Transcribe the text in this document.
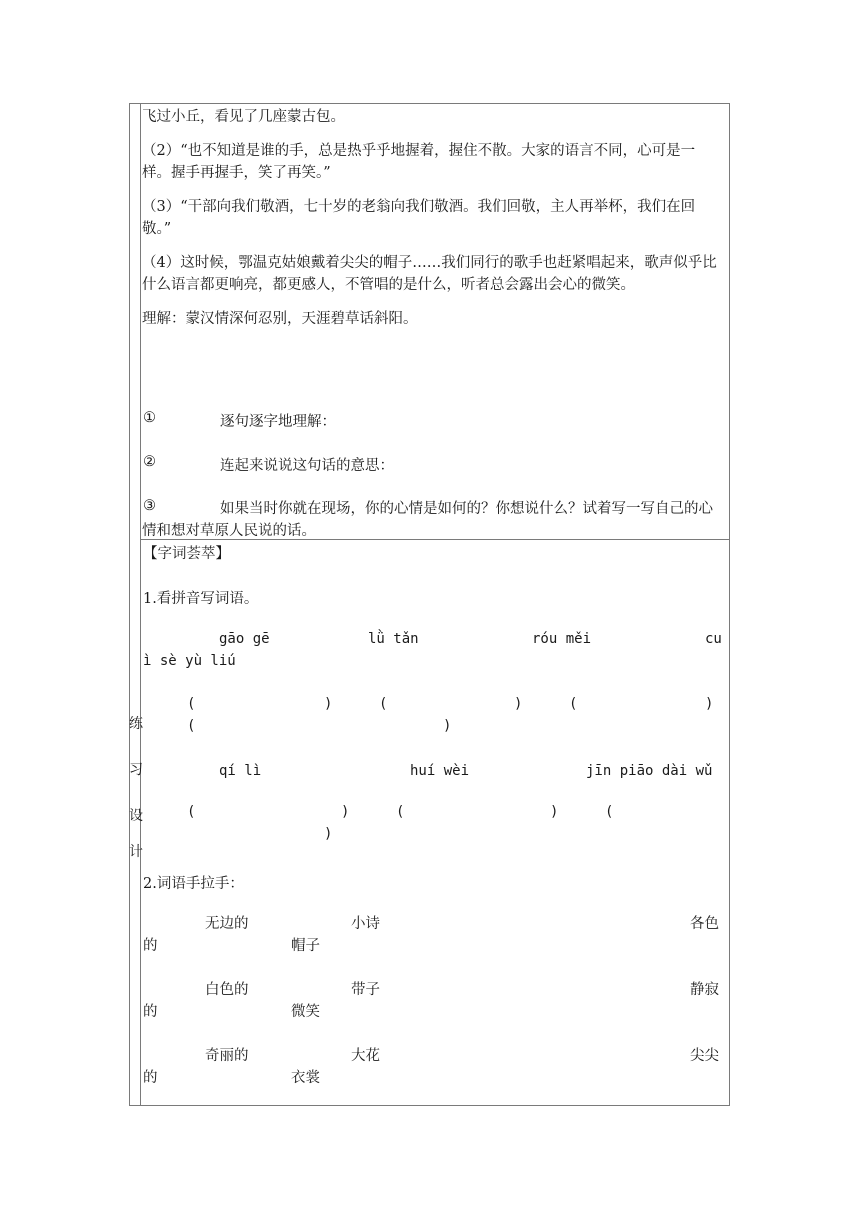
练
习
设
计

飞过小丘，看见了几座蒙古包。

（2）“也不知道是谁的手，总是热乎乎地握着，握住不散。大家的语言不同，心可是一样。握手再握手，笑了再笑。”

（3）“干部向我们敬酒，七十岁的老翁向我们敬酒。我们回敬，主人再举杯，我们在回敬。”

（4）这时候，鄂温克姑娘戴着尖尖的帽子……我们同行的歌手也赶紧唱起来，歌声似乎比什么语言都更响亮，都更感人，不管唱的是什么，听者总会露出会心的微笑。

理解：蒙汉情深何忍别，天涯碧草话斜阳。

①	逐句逐字地理解：
②	连起来说说这句话的意思：
③	如果当时你就在现场，你的心情是如何的？你想说什么？试着写一写自己的心情和想对草原人民说的话。
【字词荟萃】
1.看拼音写词语。
gāo gē	lǜ tǎn	róu měi	cu
ì sè yù liú
(	)	(	)	(	)
(	)
qí lì	huí wèi	jīn piāo dài wǔ
(	)	(	)	(
)
2.词语手拉手：
无边的	小诗	各色
的	帽子
白色的	带子	静寂
的	微笑
奇丽的	大花	尖尖
的	衣裳
